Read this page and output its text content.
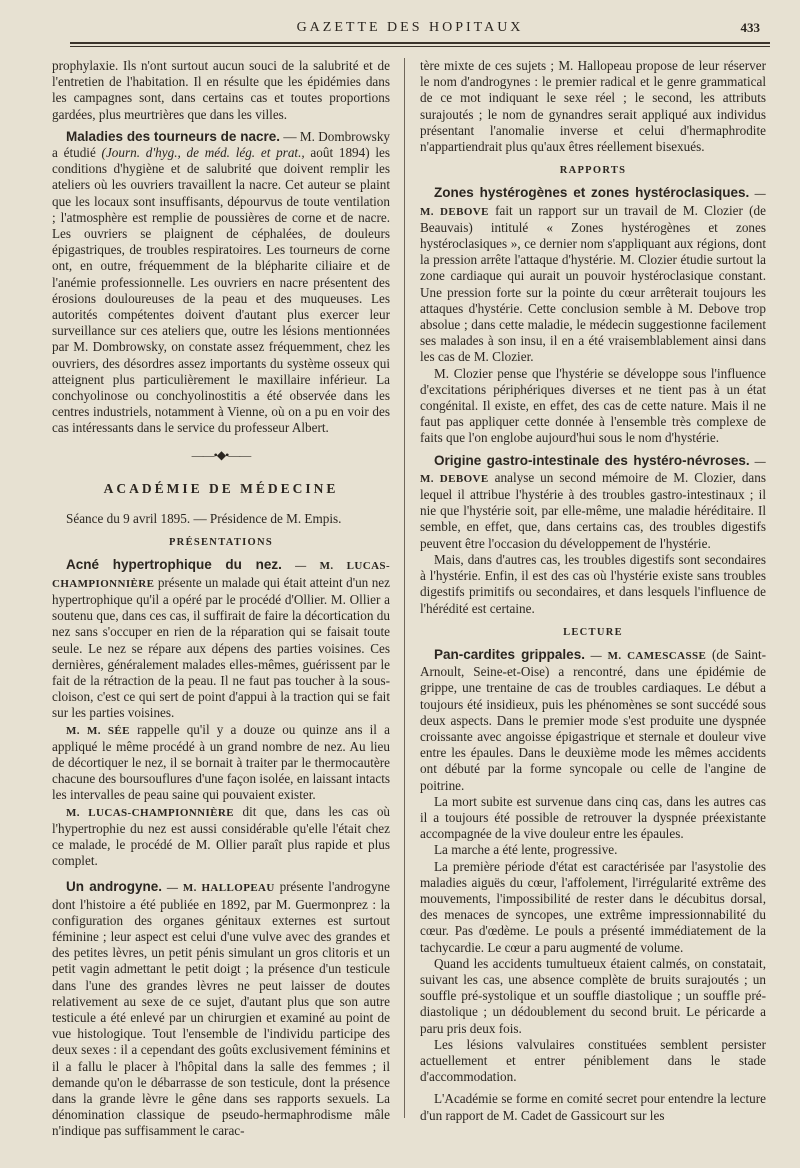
GAZETTE DES HOPITAUX	433

prophylaxie. Ils n'ont surtout aucun souci de la salubrité et de l'entretien de l'habitation. Il en résulte que les épidémies dans les campagnes sont, dans certains cas et toutes proportions gardées, plus meurtrières que dans les villes.

Maladies des tourneurs de nacre. — M. Dombrowsky a étudié (Journ. d'hyg., de méd. lég. et prat., août 1894) les conditions d'hygiène et de salubrité que doivent remplir les ateliers où les ouvriers travaillent la nacre. Cet auteur se plaint que les locaux sont insuffisants, dépourvus de toute ventilation ; l'atmosphère est remplie de poussières de corne et de nacre. Les ouvriers se plaignent de céphalées, de douleurs épigastriques, de troubles respiratoires. Les tourneurs de corne ont, en outre, fréquemment de la blépharite ciliaire et de l'anémie professionnelle. Les ouvriers en nacre présentent des érosions douloureuses de la peau et des muqueuses. Les autorités compétentes doivent d'autant plus exercer leur surveillance sur ces ateliers que, outre les lésions mentionnées par M. Dombrowsky, on constate assez fréquemment, chez les ouvriers, des désordres assez importants du système osseux qui atteignent plus particulièrement le maxillaire inférieur. La conchyolinose ou conchyolinostitis a été observée dans les centres industriels, notamment à Vienne, où on a pu en voir des cas intéressants dans le service du professeur Albert.

——•◆•——

ACADÉMIE DE MÉDECINE

Séance du 9 avril 1895. — Présidence de M. Empis.

PRÉSENTATIONS

Acné hypertrophique du nez. — M. LUCAS-CHAMPIONNIÈRE présente un malade qui était atteint d'un nez hypertrophique qu'il a opéré par le procédé d'Ollier. M. Ollier a soutenu que, dans ces cas, il suffirait de faire la décortication du nez sans s'occuper en rien de la réparation qui se faisait toute seule. Le nez se répare aux dépens des parties voisines. Ces dernières, généralement malades elles-mêmes, guérissent par le fait de la rétraction de la peau. Il ne faut pas toucher à la sous-cloison, c'est ce qui sert de point d'appui à la traction qui se fait sur les parties voisines.

M. M. SÉE rappelle qu'il y a douze ou quinze ans il a appliqué le même procédé à un grand nombre de nez. Au lieu de décortiquer le nez, il se bornait à traiter par le thermocautère chacune des boursouflures d'une façon isolée, en laissant intacts les intervalles de peau saine qui pouvaient exister.

M. LUCAS-CHAMPIONNIÈRE dit que, dans les cas où l'hypertrophie du nez est aussi considérable qu'elle l'était chez ce malade, le procédé de M. Ollier paraît plus rapide et plus complet.

Un androgyne. — M. HALLOPEAU présente l'androgyne dont l'histoire a été publiée en 1892, par M. Guermonprez : la configuration des organes génitaux externes est surtout féminine ; leur aspect est celui d'une vulve avec des grandes et des petites lèvres, un petit pénis simulant un gros clitoris et un petit vagin admettant le petit doigt ; la présence d'un testicule dans l'une des grandes lèvres ne peut laisser de doutes relativement au sexe de ce sujet, d'autant plus que son autre testicule a été enlevé par un chirurgien et examiné au point de vue histologique. Tout l'ensemble de l'individu participe des deux sexes : il a cependant des goûts exclusivement féminins et il a fallu le placer à l'hôpital dans la salle des femmes ; il demande qu'on le débarrasse de son testicule, dont la présence dans la grande lèvre le gêne dans ses rapports sexuels. La dénomination classique de pseudo-hermaphrodisme mâle n'indique pas suffisamment le carac-

tère mixte de ces sujets ; M. Hallopeau propose de leur réserver le nom d'androgynes : le premier radical et le genre grammatical de ce mot indiquant le sexe réel ; le second, les attributs surajoutés ; le nom de gynandres serait appliqué aux individus présentant l'anomalie inverse et celui d'hermaphrodite n'appartiendrait plus qu'aux êtres réellement bisexués.

RAPPORTS

Zones hystérogènes et zones hystéroclasiques. — M. DEBOVE fait un rapport sur un travail de M. Clozier (de Beauvais) intitulé « Zones hystérogènes et zones hystéroclasiques », ce dernier nom s'appliquant aux régions, dont la pression arrête l'attaque d'hystérie. M. Clozier étudie surtout la zone cardiaque qui aurait un pouvoir hystéroclasique constant. Une pression forte sur la pointe du cœur arrêterait toujours les attaques d'hystérie. Cette conclusion semble à M. Debove trop absolue ; dans cette maladie, le médecin suggestionne facilement ses malades à son insu, il en a été vraisemblablement ainsi dans les cas de M. Clozier.

M. Clozier pense que l'hystérie se développe sous l'influence d'excitations périphériques diverses et ne tient pas à un état congénital. Il existe, en effet, des cas de cette nature. Mais il ne faut pas appliquer cette donnée à l'ensemble très complexe de faits que l'on englobe aujourd'hui sous le nom d'hystérie.

Origine gastro-intestinale des hystéro-névroses. — M. DEBOVE analyse un second mémoire de M. Clozier, dans lequel il attribue l'hystérie à des troubles gastro-intestinaux ; il nie que l'hystérie soit, par elle-même, une maladie héréditaire. Il semble, en effet, que, dans certains cas, des troubles digestifs peuvent être l'occasion du développement de l'hystérie.

Mais, dans d'autres cas, les troubles digestifs sont secondaires à l'hystérie. Enfin, il est des cas où l'hystérie existe sans troubles digestifs primitifs ou secondaires, et dans lesquels l'influence de l'hérédité est certaine.

LECTURE

Pan-cardites grippales. — M. CAMESCASSE (de Saint-Arnoult, Seine-et-Oise) a rencontré, dans une épidémie de grippe, une trentaine de cas de troubles cardiaques. Le début a toujours été insidieux, puis les phénomènes se sont succédé sous deux aspects. Dans le premier mode s'est produite une dyspnée croissante avec angoisse épigastrique et sternale et douleur vive entre les épaules. Dans le deuxième mode les mêmes accidents ont débuté par la forme syncopale ou celle de l'angine de poitrine.

La mort subite est survenue dans cinq cas, dans les autres cas il a toujours été possible de retrouver la dyspnée préexistante accompagnée de la vive douleur entre les épaules.

La marche a été lente, progressive.

La première période d'état est caractérisée par l'asystolie des maladies aiguës du cœur, l'affolement, l'irrégularité extrême des mouvements, l'impossibilité de rester dans le décubitus dorsal, des menaces de syncopes, une extrême impressionnabilité du cœur. Pas d'œdème. Le pouls a présenté immédiatement de la tachycardie. Le cœur a paru augmenté de volume.

Quand les accidents tumultueux étaient calmés, on constatait, suivant les cas, une absence complète de bruits surajoutés ; un souffle pré-systolique et un souffle diastolique ; un souffle pré-diastolique ; un dédoublement du second bruit. Le péricarde a paru pris deux fois.

Les lésions valvulaires constituées semblent persister actuellement et entrer péniblement dans le stade d'accommodation.

L'Académie se forme en comité secret pour entendre la lecture d'un rapport de M. Cadet de Gassicourt sur les
